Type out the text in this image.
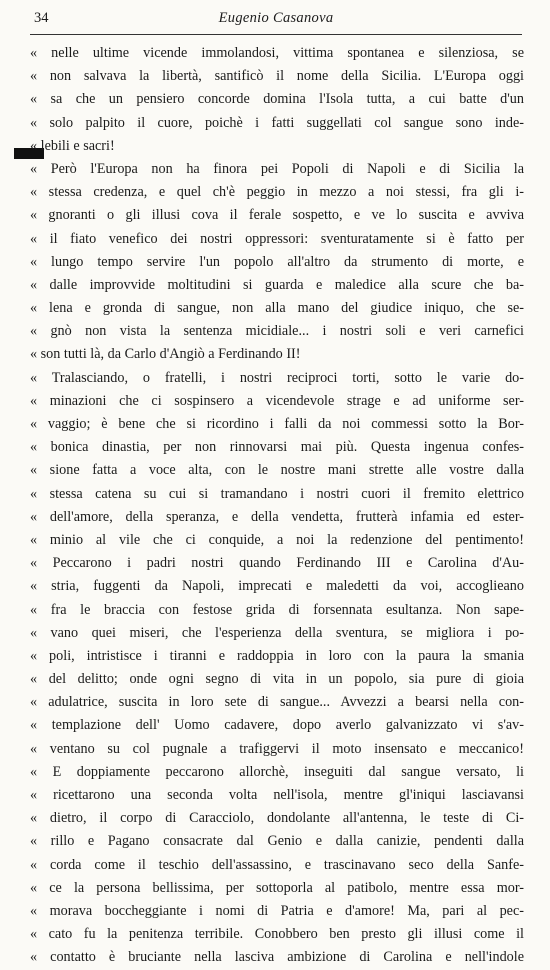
34	Eugenio Casanova
« nelle ultime vicende immolandosi, vittima spontanea e silenziosa, se
« non salvava la libertà, santificò il nome della Sicilia. L'Europa oggi
« sa che un pensiero concorde domina l'Isola tutta, a cui batte d'un
« solo palpito il cuore, poichè i fatti suggellati col sangue sono inde-
« lebili e sacri!
« Però l'Europa non ha finora pei Popoli di Napoli e di Sicilia la
« stessa credenza, e quel ch'è peggio in mezzo a noi stessi, fra gli i-
« gnoranti o gli illusi cova il ferale sospetto, e ve lo suscita e avviva
« il fiato venefico dei nostri oppressori: sventuratamente si è fatto per
« lungo tempo servire l'un popolo all'altro da strumento di morte, e
« dalle improvvide moltitudini si guarda e maledice alla scure che ba-
« lena e gronda di sangue, non alla mano del giudice iniquo, che se-
« gnò non vista la sentenza micidiale... i nostri soli e veri carnefici
« son tutti là, da Carlo d'Angiò a Ferdinando II!
« Tralasciando, o fratelli, i nostri reciproci torti, sotto le varie do-
« minazioni che ci sospinsero a vicendevole strage e ad uniforme ser-
« vaggio; è bene che si ricordino i falli da noi commessi sotto la Bor-
« bonica dinastia, per non rinnovarsi mai più. Questa ingenua confes-
« sione fatta a voce alta, con le nostre mani strette alle vostre dalla
« stessa catena su cui si tramandano i nostri cuori il fremito elettrico
« dell'amore, della speranza, e della vendetta, frutterà infamia ed ester-
« minio al vile che ci conquide, a noi la redenzione del pentimento!
« Peccarono i padri nostri quando Ferdinando III e Carolina d'Au-
« stria, fuggenti da Napoli, imprecati e maledetti da voi, accoglieano
« fra le braccia con festose grida di forsennata esultanza. Non sape-
« vano quei miseri, che l'esperienza della sventura, se migliora i po-
« poli, intristisce i tiranni e raddoppia in loro con la paura la smania
« del delitto; onde ogni segno di vita in un popolo, sia pure di gioia
« adulatrice, suscita in loro sete di sangue... Avvezzi a bearsi nella con-
« templazione dell' Uomo cadavere, dopo averlo galvanizzato vi s'av-
« ventano su col pugnale a trafiggervi il moto insensato e meccanico!
« E doppiamente peccarono allorchè, inseguiti dal sangue versato, li
« ricettarono una seconda volta nell'isola, mentre gl'iniqui lasciavansi
« dietro, il corpo di Caracciolo, dondolante all'antenna, le teste di Ci-
« rillo e Pagano consacrate dal Genio e dalla canizie, pendenti dalla
« corda come il teschio dell'assassino, e trascinavano seco della Sanfe-
« ce la persona bellissima, per sottoporla al patibolo, mentre essa mor-
« morava boccheggiante i nomi di Patria e d'amore! Ma, pari al pec-
« cato fu la penitenza terribile. Conobbero ben presto gli illusi come il
« contatto è bruciante nella lasciva ambizione di Carolina e nell'indole
